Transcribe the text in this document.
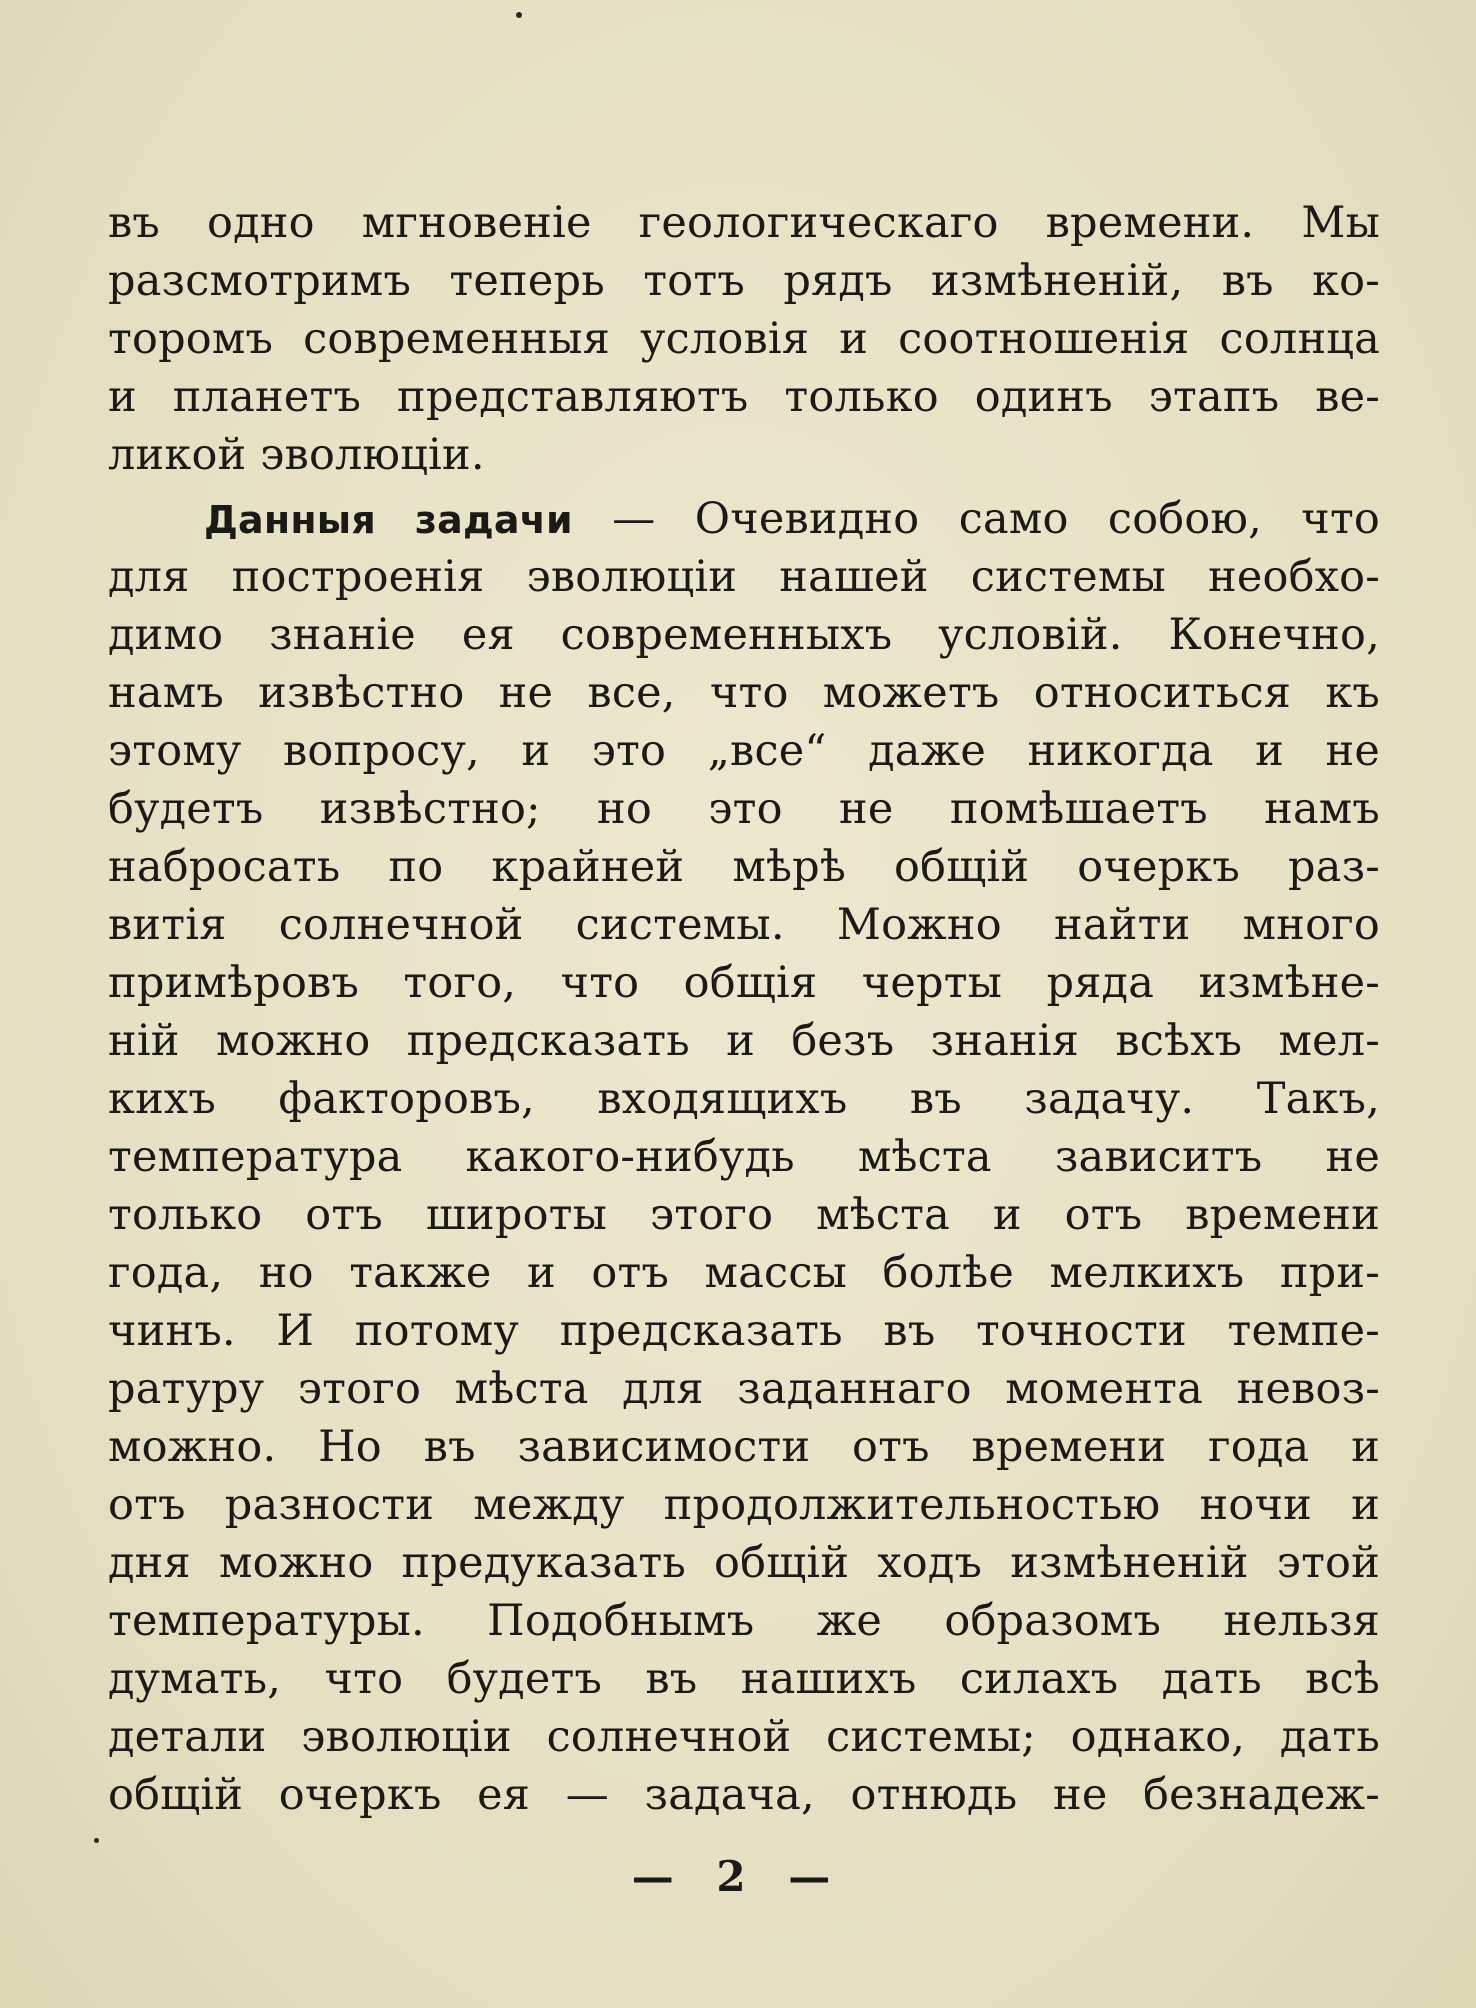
въ одно мгновенiе геологическаго времени. Мы
разсмотримъ теперь тотъ рядъ измѣненiй, въ ко-
торомъ современныя условiя и соотношенiя солнца
и планетъ представляютъ только одинъ этапъ ве-
ликой эволюцiи.
Данныя задачи — Очевидно само собою, что
для построенiя эволюцiи нашей системы необхо-
димо знанiе ея современныхъ условiй. Конечно,
намъ извѣстно не все, что можетъ относиться къ
этому вопросу, и это „все“ даже никогда и не
будетъ извѣстно; но это не помѣшаетъ намъ
набросать по крайней мѣрѣ общiй очеркъ раз-
витiя солнечной системы. Можно найти много
примѣровъ того, что общiя черты ряда измѣне-
нiй можно предсказать и безъ знанiя всѣхъ мел-
кихъ факторовъ, входящихъ въ задачу. Такъ,
температура какого-нибудь мѣста зависитъ не
только отъ широты этого мѣста и отъ времени
года, но также и отъ массы болѣе мелкихъ при-
чинъ. И потому предсказать въ точности темпе-
ратуру этого мѣста для заданнаго момента невоз-
можно. Но въ зависимости отъ времени года и
отъ разности между продолжительностью ночи и
дня можно предуказать общiй ходъ измѣненiй этой
температуры. Подобнымъ же образомъ нельзя
думать, что будетъ въ нашихъ силахъ дать всѣ
детали эволюцiи солнечной системы; однако, дать
общiй очеркъ ея — задача, отнюдь не безнадеж-
— 2 —
